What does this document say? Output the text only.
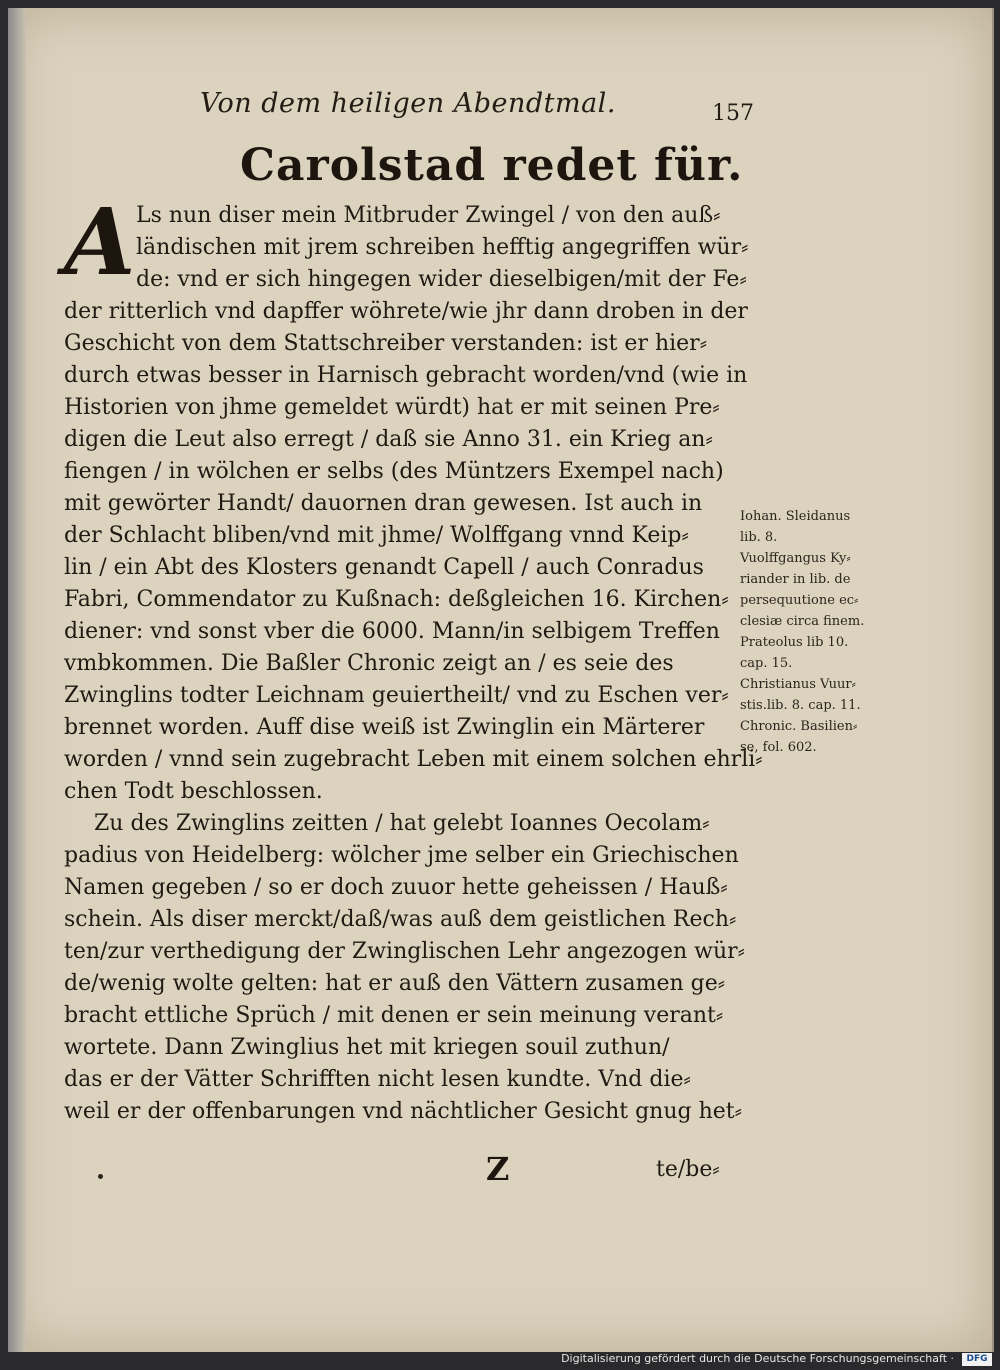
Von dem heiligen Abendtmal.	157
Carolstad redet für.
A Ls nun diser mein Mitbruder Zwingel / von den auß⸗
ländischen mit jrem schreiben hefftig angegriffen wür⸗
de: vnd er sich hingegen wider dieselbigen/mit der Fe⸗
der ritterlich vnd dapffer wöhrete/wie jhr dann droben in der
Geschicht von dem Stattschreiber verstanden: ist er hier⸗
durch etwas besser in Harnisch gebracht worden/vnd (wie in
Historien von jhme gemeldet würdt) hat er mit seinen Pre⸗
digen die Leut also erregt / daß sie Anno 31. ein Krieg an⸗
fiengen / in wölchen er selbs (des Müntzers Exempel nach)
mit gewörter Handt/ dauornen dran gewesen. Ist auch in
der Schlacht bliben/vnd mit jhme/ Wolffgang vnnd Keip⸗
lin / ein Abt des Klosters genandt Capell / auch Conradus
Fabri, Commendator zu Kußnach: deßgleichen 16. Kirchen⸗
diener: vnd sonst vber die 6000. Mann/in selbigem Treffen
vmbkommen. Die Baßler Chronic zeigt an / es seie des
Zwinglins todter Leichnam geuiertheilt/ vnd zu Eschen ver⸗
brennet worden. Auff dise weiß ist Zwinglin ein Märterer
worden / vnnd sein zugebracht Leben mit einem solchen ehrli⸗
chen Todt beschlossen.
Zu des Zwinglins zeitten / hat gelebt Ioannes Oecolam⸗
padius von Heidelberg: wölcher jme selber ein Griechischen
Namen gegeben / so er doch zuuor hette geheissen / Hauß⸗
schein. Als diser merckt/daß/was auß dem geistlichen Rech⸗
ten/zur verthedigung der Zwinglischen Lehr angezogen wür⸗
de/wenig wolte gelten: hat er auß den Vättern zusamen ge⸗
bracht ettliche Sprüch / mit denen er sein meinung verant⸗
wortete. Dann Zwinglius het mit kriegen souil zuthun/
das er der Vätter Schrifften nicht lesen kundte. Vnd die⸗
weil er der offenbarungen vnd nächtlicher Gesicht gnug het⸗
Iohan. Sleidanus
lib. 8.
Vuolffgangus Ky⸗
riander in lib. de
persequutione ec⸗
clesiæ circa finem.
Prateolus lib 10.
cap. 15.
Christianus Vuur⸗
stis.lib. 8. cap. 11.
Chronic. Basilien⸗
se, fol. 602.
Z	te/be⸗
Digitalisierung gefördert durch die Deutsche Forschungsgemeinschaft ·	DFG
